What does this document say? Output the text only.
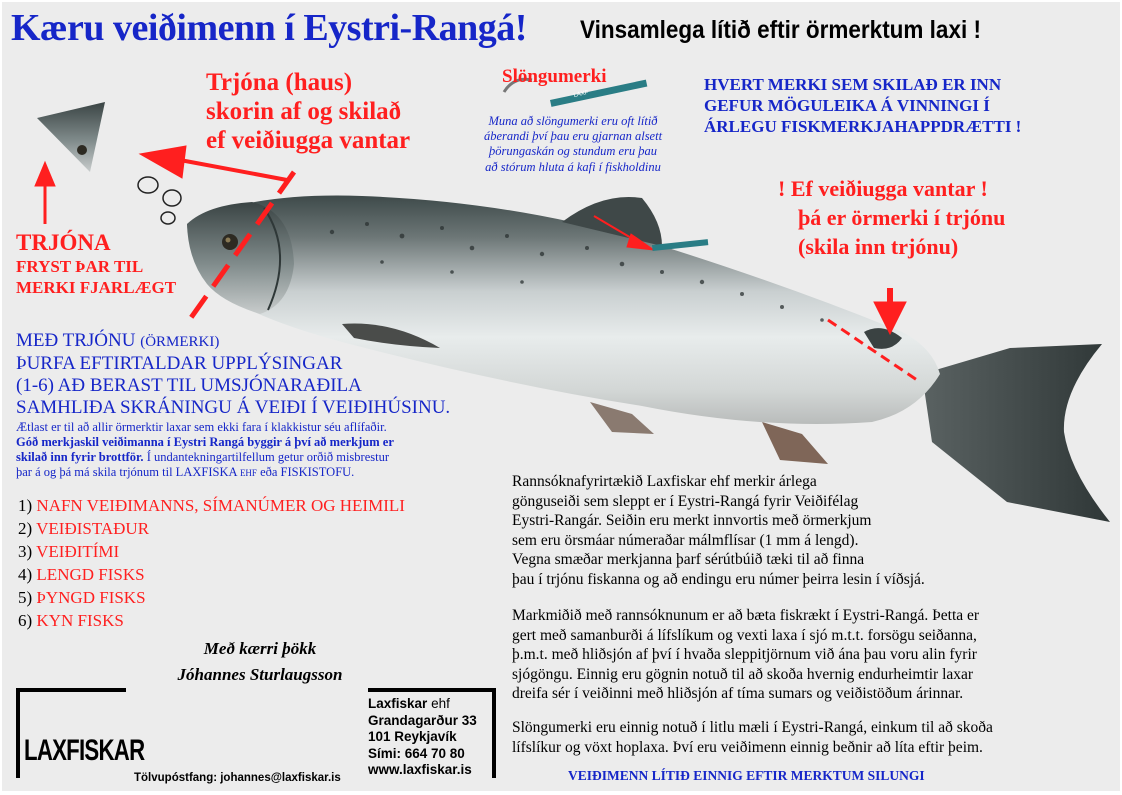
LAXF
Kæru veiðimenn í Eystri-Rangá! Vinsamlega lítið eftir örmerktum laxi !
Trjóna (haus)
skorin af og skilað
ef veiðiugga vantar
TRJÓNA
FRYST ÞAR TIL
MERKI FJARLÆGT
Slöngumerki
Muna að slöngumerki eru oft lítið
áberandi því þau eru gjarnan alsett
þörungaskán og stundum eru þau
að stórum hluta á kafi í fiskholdinu
HVERT MERKI SEM SKILAÐ ER INN
GEFUR MÖGULEIKA Á VINNINGI Í
ÁRLEGU FISKMERKJAHAPPDRÆTTI !
! Ef veiðiugga vantar !
þá er örmerki í trjónu
(skila inn trjónu)
MEÐ TRJÓNU (ÖRMERKI)
ÞURFA EFTIRTALDAR UPPLÝSINGAR
(1-6) AÐ BERAST TIL UMSJÓNARAÐILA
SAMHLIÐA SKRÁNINGU Á VEIÐI Í VEIÐIHÚSINU.
Ætlast er til að allir örmerktir laxar sem ekki fara í klakkistur séu aflífaðir.
Góð merkjaskil veiðimanna í Eystri Rangá byggir á því að merkjum er
skilað inn fyrir brottför. Í undantekningartilfellum getur orðið misbrestur
þar á og þá má skila trjónum til LAXFISKA EHF eða FISKISTOFU.
1) NAFN VEIÐIMANNS, SÍMANÚMER OG HEIMILI
2) VEIÐISTAÐUR
3) VEIÐITÍMI
4) LENGD FISKS
5) ÞYNGD FISKS
6) KYN FISKS
Með kærri þökk
Jóhannes Sturlaugsson
LAXFISKAR
Laxfiskar ehf
Grandagarður 33
101 Reykjavík
Sími: 664 70 80
www.laxfiskar.is
Tölvupóstfang: johannes@laxfiskar.is
Rannsóknafyrirtækið Laxfiskar ehf merkir árlega
gönguseiði sem sleppt er í Eystri-Rangá fyrir Veiðifélag
Eystri-Rangár. Seiðin eru merkt innvortis með örmerkjum
sem eru örsmáar númeraðar málmflísar (1 mm á lengd).
Vegna smæðar merkjanna þarf sérútbúið tæki til að finna
þau í trjónu fiskanna og að endingu eru númer þeirra lesin í víðsjá.
Markmiðið með rannsóknunum er að bæta fiskrækt í Eystri-Rangá. Þetta er
gert með samanburði á lífslíkum og vexti laxa í sjó m.t.t. forsögu seiðanna,
þ.m.t. með hliðsjón af því í hvaða sleppitjörnum við ána þau voru alin fyrir
sjógöngu. Einnig eru gögnin notuð til að skoða hvernig endurheimtir laxar
dreifa sér í veiðinni með hliðsjón af tíma sumars og veiðistöðum árinnar.
Slöngumerki eru einnig notuð í litlu mæli í Eystri-Rangá, einkum til að skoða
lífslíkur og vöxt hoplaxa. Því eru veiðimenn einnig beðnir að líta eftir þeim.
VEIÐIMENN LÍTIÐ EINNIG EFTIR MERKTUM SILUNGI
